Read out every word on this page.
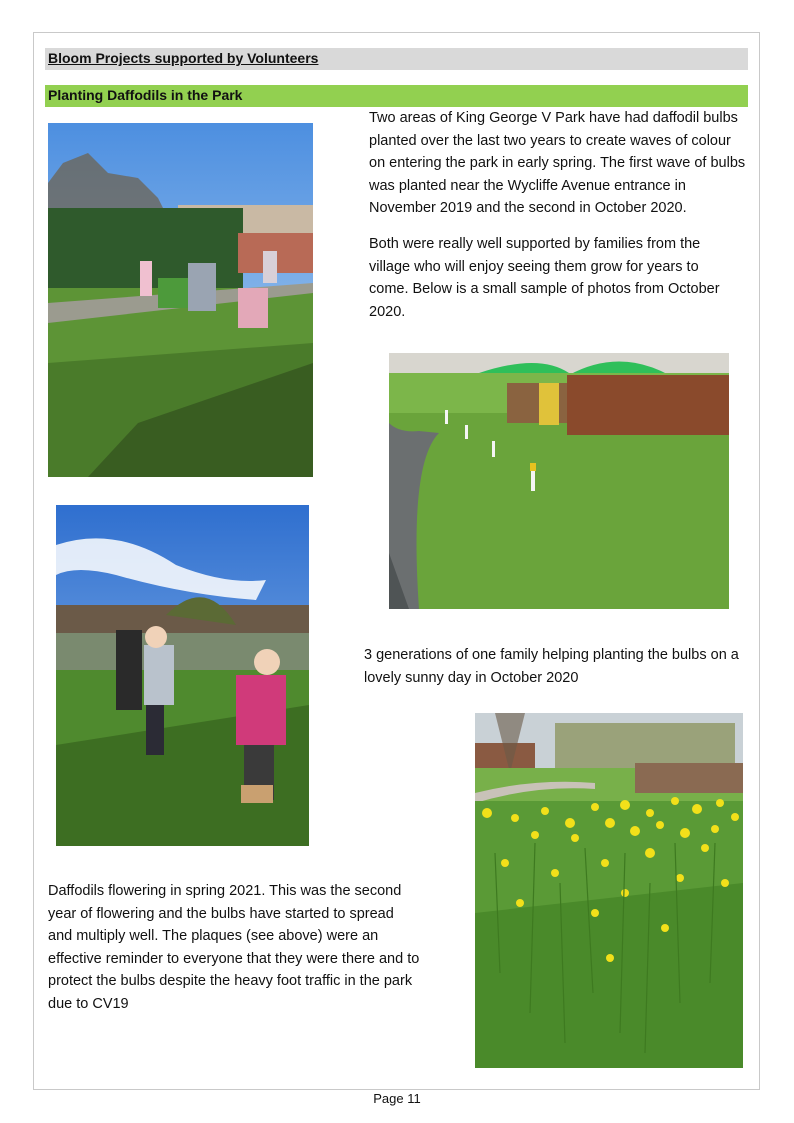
Bloom Projects supported by Volunteers
Planting Daffodils in the Park

Two areas of King George V Park have had daffodil bulbs planted over the last two years to create waves of colour on entering the park in early spring. The first wave of bulbs was planted near the Wycliffe Avenue entrance in November 2019 and the second in October 2020.

Both were really well supported by families from the village who will enjoy seeing them grow for years to come. Below is a small sample of photos from October 2020.

3 generations of one family helping planting the bulbs on a lovely sunny day in October 2020

Daffodils flowering in spring 2021. This was the second year of flowering and the bulbs have started to spread and multiply well. The plaques (see above) were an effective reminder to everyone that they were there and to protect the bulbs despite the heavy foot traffic in the park due to CV19

Page 11
